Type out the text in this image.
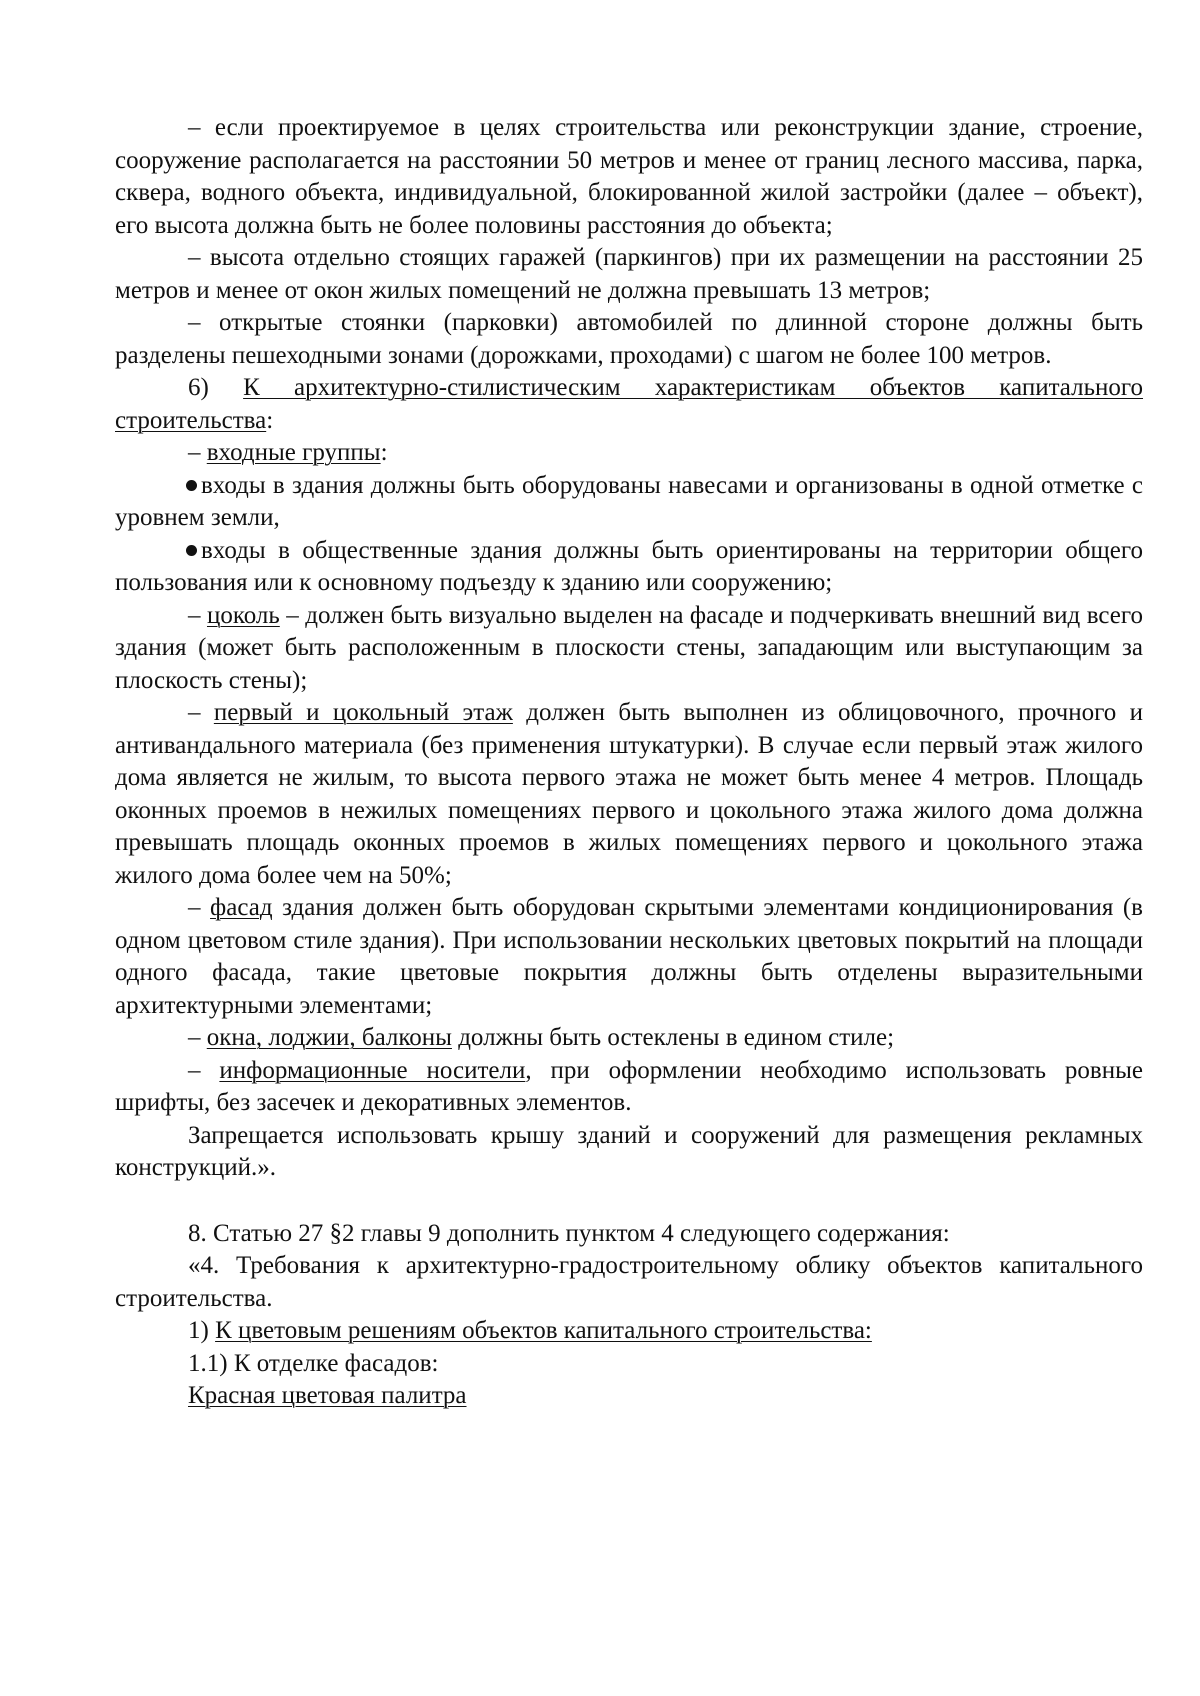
– если проектируемое в целях строительства или реконструкции здание, строение, сооружение располагается на расстоянии 50 метров и менее от границ лесного массива, парка, сквера, водного объекта, индивидуальной, блокированной жилой застройки (далее – объект), его высота должна быть не более половины расстояния до объекта;

– высота отдельно стоящих гаражей (паркингов) при их размещении на расстоянии 25 метров и менее от окон жилых помещений не должна превышать 13 метров;

– открытые стоянки (парковки) автомобилей по длинной стороне должны быть разделены пешеходными зонами (дорожками, проходами) с шагом не более 100 метров.

6) К архитектурно-стилистическим характеристикам объектов капитального строительства:

– входные группы:

входы в здания должны быть оборудованы навесами и организованы в одной отметке с уровнем земли,

входы в общественные здания должны быть ориентированы на территории общего пользования или к основному подъезду к зданию или сооружению;

– цоколь – должен быть визуально выделен на фасаде и подчеркивать внешний вид всего здания (может быть расположенным в плоскости стены, западающим или выступающим за плоскость стены);

– первый и цокольный этаж должен быть выполнен из облицовочного, прочного и антивандального материала (без применения штукатурки). В случае если первый этаж жилого дома является не жилым, то высота первого этажа не может быть менее 4 метров. Площадь оконных проемов в нежилых помещениях первого и цокольного этажа жилого дома должна превышать площадь оконных проемов в жилых помещениях первого и цокольного этажа жилого дома более чем на 50%;

– фасад здания должен быть оборудован скрытыми элементами кондиционирования (в одном цветовом стиле здания). При использовании нескольких цветовых покрытий на площади одного фасада, такие цветовые покрытия должны быть отделены выразительными архитектурными элементами;

– окна, лоджии, балконы должны быть остеклены в едином стиле;

– информационные носители, при оформлении необходимо использовать ровные шрифты, без засечек и декоративных элементов.

Запрещается использовать крышу зданий и сооружений для размещения рекламных конструкций.».

8. Статью 27 §2 главы 9 дополнить пунктом 4 следующего содержания:

«4. Требования к архитектурно-градостроительному облику объектов капитального строительства.

1) К цветовым решениям объектов капитального строительства:

1.1) К отделке фасадов:

Красная цветовая палитра
